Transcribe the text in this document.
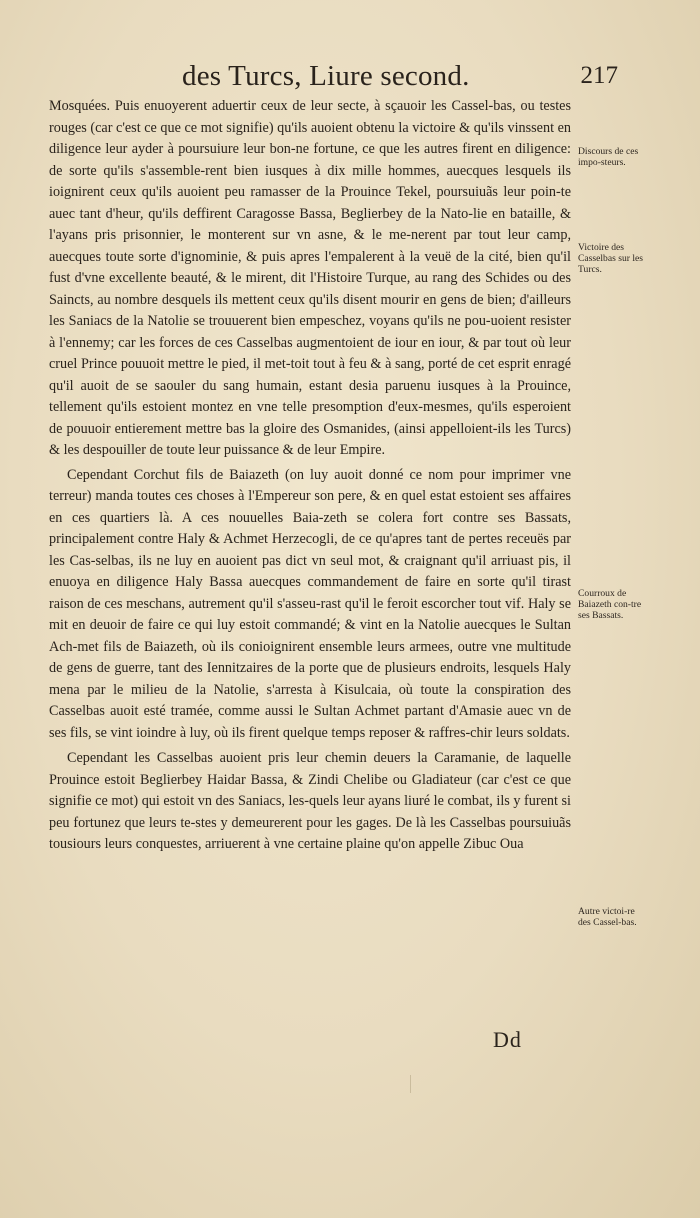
des Turcs, Liure second.	217

Mosquées. Puis enuoyerent aduertir ceux de leur secte, à sçauoir les Cassel-bas, ou testes rouges (car c'est ce que ce mot signifie) qu'ils auoient obtenu la victoire & qu'ils vinssent en diligence leur ayder à poursuiure leur bon-ne fortune, ce que les autres firent en diligence: de sorte qu'ils s'assemble-rent bien iusques à dix mille hommes, auecques lesquels ils ioignirent ceux qu'ils auoient peu ramasser de la Prouince Tekel, poursuiuãs leur poin-te auec tant d'heur, qu'ils deffirent Caragosse Bassa, Beglierbey de la Nato-lie en bataille, & l'ayans pris prisonnier, le monterent sur vn asne, & le me-nerent par tout leur camp, auecques toute sorte d'ignominie, & puis apres l'empalerent à la veuë de la cité, bien qu'il fust d'vne excellente beauté, & le mirent, dit l'Histoire Turque, au rang des Schides ou des Saincts, au nombre desquels ils mettent ceux qu'ils disent mourir en gens de bien; d'ailleurs les Saniacs de la Natolie se trouuerent bien empeschez, voyans qu'ils ne pou-uoient resister à l'ennemy; car les forces de ces Casselbas augmentoient de iour en iour, & par tout où leur cruel Prince pouuoit mettre le pied, il met-toit tout à feu & à sang, porté de cet esprit enragé qu'il auoit de se saouler du sang humain, estant desia paruenu iusques à la Prouince, tellement qu'ils estoient montez en vne telle presomption d'eux-mesmes, qu'ils esperoient de pouuoir entierement mettre bas la gloire des Osmanides, (ainsi appelloient-ils les Turcs) & les despouiller de toute leur puissance & de leur Empire.

Cependant Corchut fils de Baiazeth (on luy auoit donné ce nom pour imprimer vne terreur) manda toutes ces choses à l'Empereur son pere, & en quel estat estoient ses affaires en ces quartiers là. A ces nouuelles Baia-zeth se colera fort contre ses Bassats, principalement contre Haly & Achmet Herzecogli, de ce qu'apres tant de pertes receuës par les Cas-selbas, ils ne luy en auoient pas dict vn seul mot, & craignant qu'il arriuast pis, il enuoya en diligence Haly Bassa auecques commandement de faire en sorte qu'il tirast raison de ces meschans, autrement qu'il s'asseu-rast qu'il le feroit escorcher tout vif. Haly se mit en deuoir de faire ce qui luy estoit commandé; & vint en la Natolie auecques le Sultan Ach-met fils de Baiazeth, où ils conioignirent ensemble leurs armees, outre vne multitude de gens de guerre, tant des Iennitzaires de la porte que de plusieurs endroits, lesquels Haly mena par le milieu de la Natolie, s'arresta à Kisulcaia, où toute la conspiration des Casselbas auoit esté tramée, comme aussi le Sultan Achmet partant d'Amasie auec vn de ses fils, se vint ioindre à luy, où ils firent quelque temps reposer & raffres-chir leurs soldats.

Cependant les Casselbas auoient pris leur chemin deuers la Caramanie, de laquelle Prouince estoit Beglierbey Haidar Bassa, & Zindi Chelibe ou Gladiateur (car c'est ce que signifie ce mot) qui estoit vn des Saniacs, les-quels leur ayans liuré le combat, ils y furent si peu fortunez que leurs te-stes y demeurerent pour les gages. De là les Casselbas poursuiuãs tousiours leurs conquestes, arriuerent à vne certaine plaine qu'on appelle Zibuc Oua

Discours de ces impo-steurs.
Victoire des Casselbas sur les Turcs.
Courroux de Baiazeth con-tre ses Bassats.
Autre victoi-re des Cassel-bas.
Dd
